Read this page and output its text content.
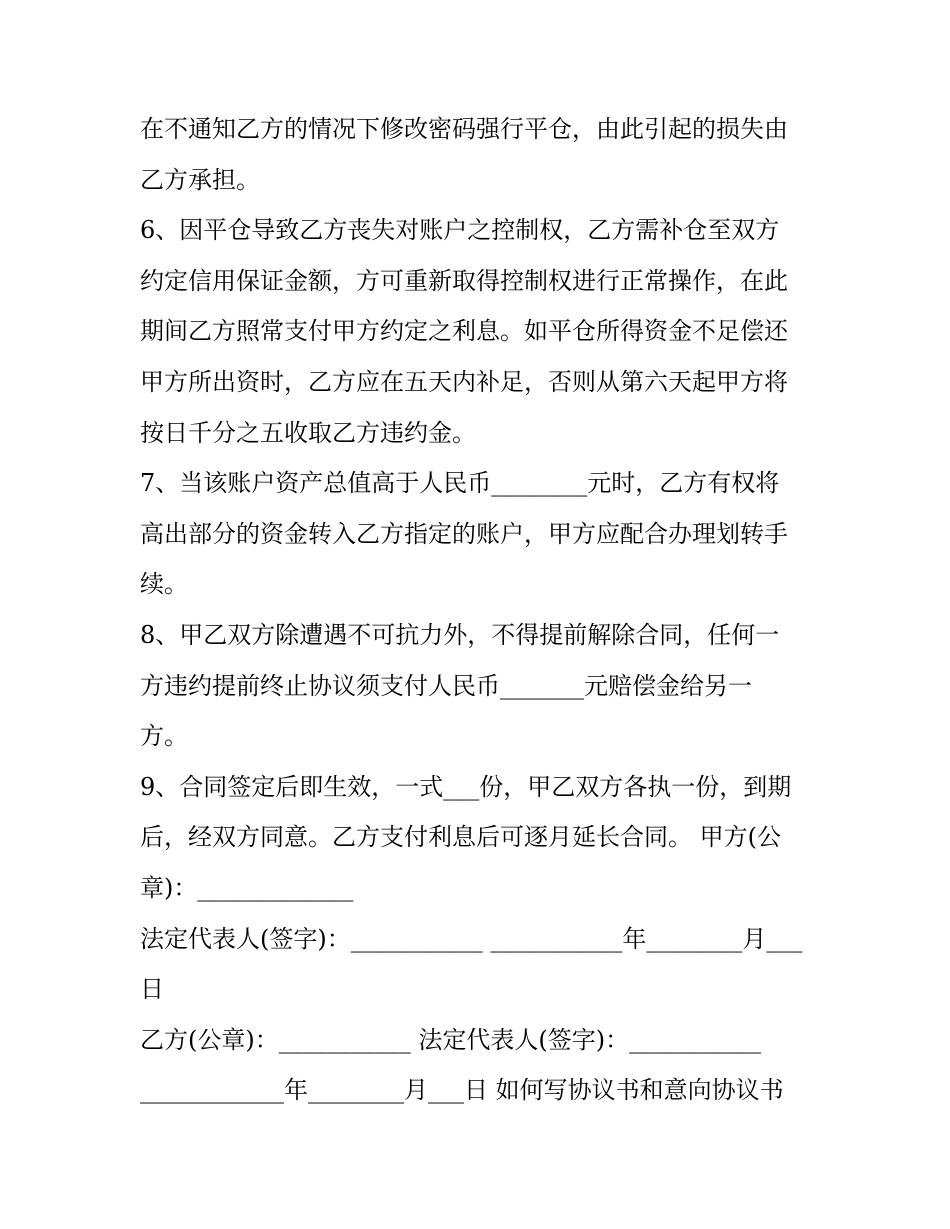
在不通知乙方的情况下修改密码强行平仓，由此引起的损失由
乙方承担。
6、因平仓导致乙方丧失对账户之控制权，乙方需补仓至双方
约定信用保证金额，方可重新取得控制权进行正常操作，在此
期间乙方照常支付甲方约定之利息。如平仓所得资金不足偿还
甲方所出资时，乙方应在五天内补足，否则从第六天起甲方将
按日千分之五收取乙方违约金。
7、当该账户资产总值高于人民币________元时，乙方有权将
高出部分的资金转入乙方指定的账户，甲方应配合办理划转手
续。
8、甲乙双方除遭遇不可抗力外，不得提前解除合同，任何一
方违约提前终止协议须支付人民币_______元赔偿金给另一
方。
9、合同签定后即生效，一式___份，甲乙双方各执一份，到期
后，经双方同意。乙方支付利息后可逐月延长合同。 甲方(公
章)：_____________
法定代表人(签字)：___________ ___________年________月___
日
乙方(公章)：___________ 法定代表人(签字)：___________
____________年________月___日 如何写协议书和意向协议书
